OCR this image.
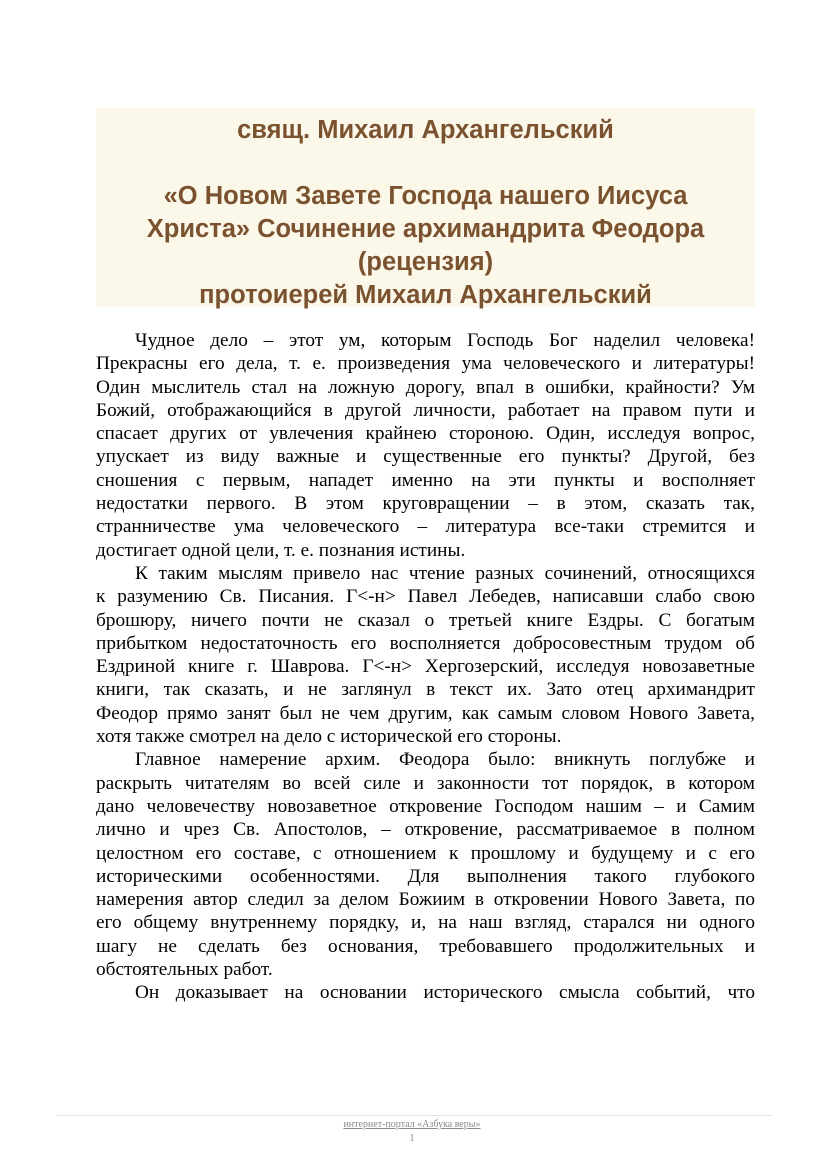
свящ. Михаил Архангельский
«О Новом Завете Господа нашего Иисуса
Христа» Сочинение архимандрита Феодора
(рецензия)
протоиерей Михаил Архангельский
Чудное дело – этот ум, которым Господь Бог наделил человека!
Прекрасны его дела, т. е. произведения ума человеческого и литературы!
Один мыслитель стал на ложную дорогу, впал в ошибки, крайности? Ум
Божий, отображающийся в другой личности, работает на правом пути и
спасает других от увлечения крайнею стороною. Один, исследуя вопрос,
упускает из виду важные и существенные его пункты? Другой, без
сношения с первым, нападет именно на эти пункты и восполняет
недостатки первого. В этом круговращении – в этом, сказать так,
странничестве ума человеческого – литература все-таки стремится и
достигает одной цели, т. е. познания истины.
К таким мыслям привело нас чтение разных сочинений, относящихся
к разумению Св. Писания. Г<-н> Павел Лебедев, написавши слабо свою
брошюру, ничего почти не сказал о третьей книге Ездры. С богатым
прибытком недостаточность его восполняется добросовестным трудом об
Ездриной книге г. Шаврова. Г<-н> Хергозерский, исследуя новозаветные
книги, так сказать, и не заглянул в текст их. Зато отец архимандрит
Феодор прямо занят был не чем другим, как самым словом Нового Завета,
хотя также смотрел на дело с исторической его стороны.
Главное намерение архим. Феодора было: вникнуть поглубже и
раскрыть читателям во всей силе и законности тот порядок, в котором
дано человечеству новозаветное откровение Господом нашим – и Самим
лично и чрез Св. Апостолов, – откровение, рассматриваемое в полном
целостном его составе, с отношением к прошлому и будущему и с его
историческими особенностями. Для выполнения такого глубокого
намерения автор следил за делом Божиим в откровении Нового Завета, по
его общему внутреннему порядку, и, на наш взгляд, старался ни одного
шагу не сделать без основания, требовавшего продолжительных и
обстоятельных работ.
Он доказывает на основании исторического смысла событий, что
интернет-портал «Азбука веры»
1
